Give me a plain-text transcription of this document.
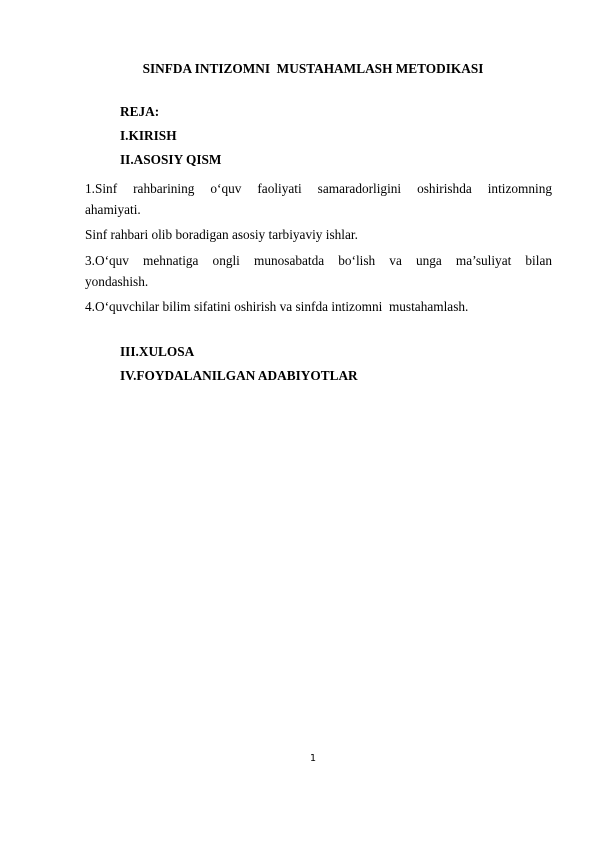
SINFDA INTIZOMNI  MUSTAHAMLASH METODIKASI
REJA:
I.KIRISH
II.ASOSIY QISM
1.Sinf rahbarining o‘quv faoliyati samaradorligini oshirishda intizomning
ahamiyati.
Sinf rahbari olib boradigan asosiy tarbiyaviy ishlar.
3.O‘quv mehnatiga ongli munosabatda bo‘lish va unga ma’suliyat bilan
yondashish.
4.O‘quvchilar bilim sifatini oshirish va sinfda intizomni  mustahamlash.
III.XULOSA
IV.FOYDALANILGAN ADABIYOTLAR
1
